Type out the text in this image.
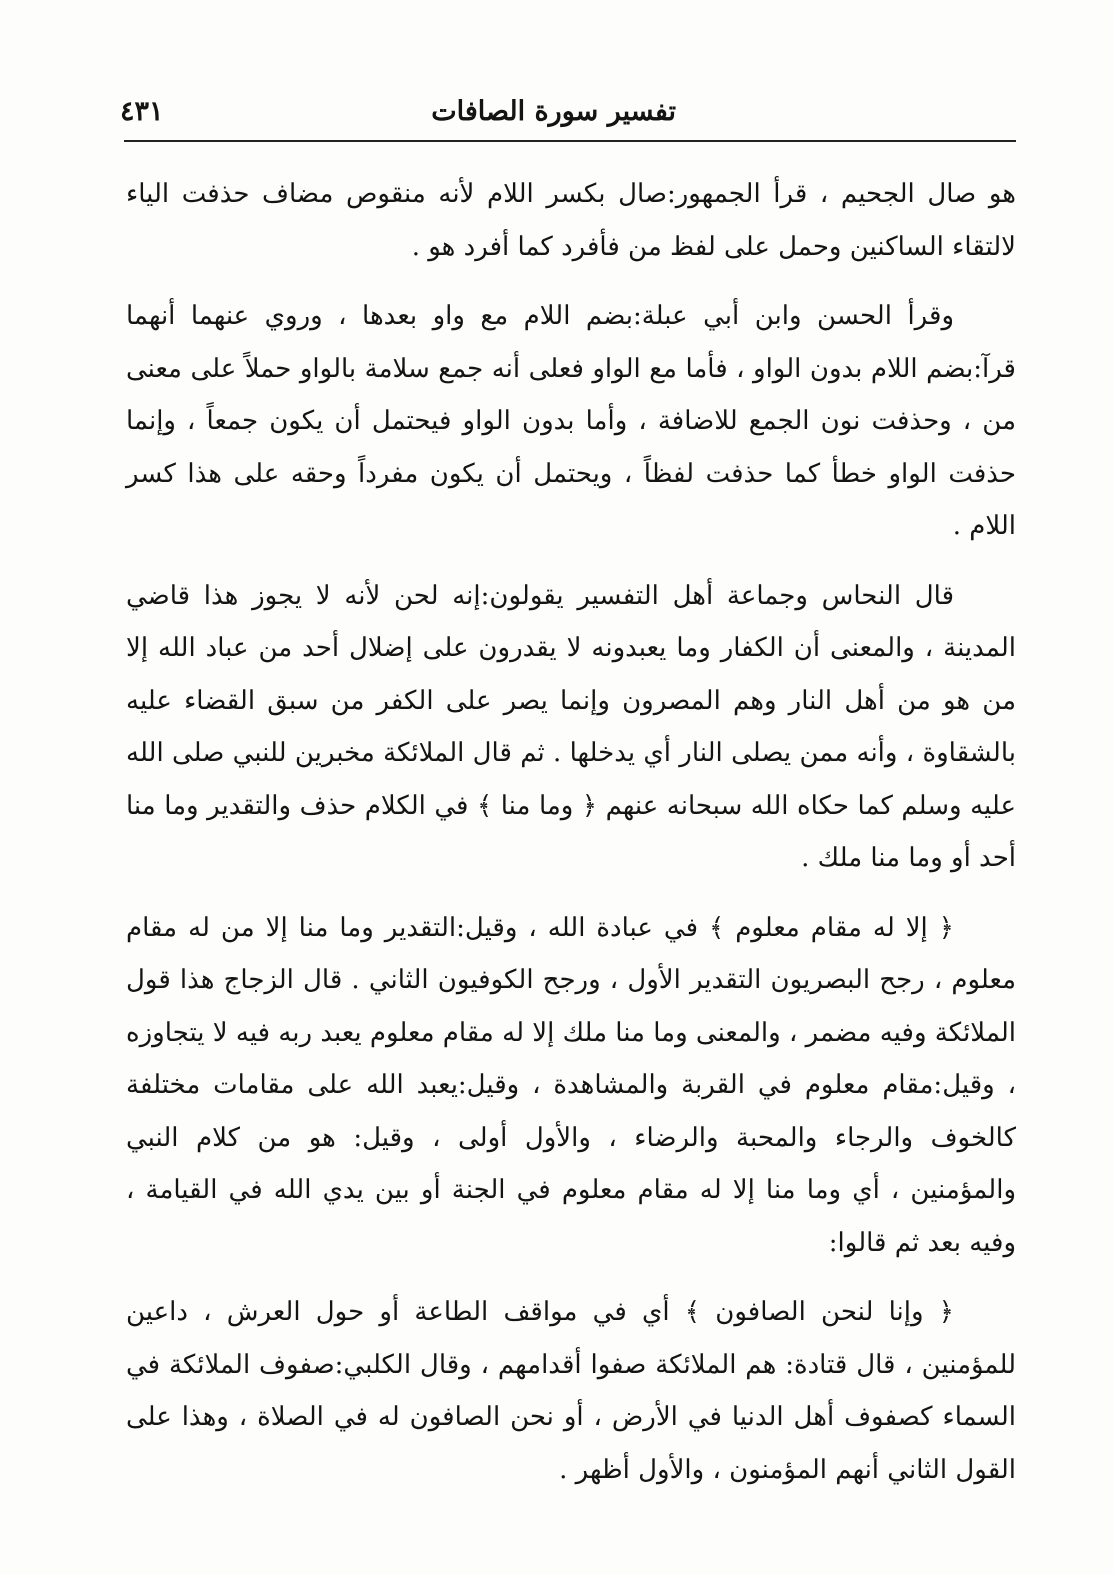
تفسير سورة الصافات
٤٣١

هو صال الجحيم ، قرأ الجمهور:صال بكسر اللام لأنه منقوص مضاف حذفت الياء لالتقاء الساكنين وحمل على لفظ من فأفرد كما أفرد هو .

وقرأ الحسن وابن أبي عبلة:بضم اللام مع واو بعدها ، وروي عنهما أنهما قرآ:بضم اللام بدون الواو ، فأما مع الواو فعلى أنه جمع سلامة بالواو حملاً على معنى من ، وحذفت نون الجمع للاضافة ، وأما بدون الواو فيحتمل أن يكون جمعاً ، وإنما حذفت الواو خطأ كما حذفت لفظاً ، ويحتمل أن يكون مفرداً وحقه على هذا كسر اللام .

قال النحاس وجماعة أهل التفسير يقولون:إنه لحن لأنه لا يجوز هذا قاضي المدينة ، والمعنى أن الكفار وما يعبدونه لا يقدرون على إضلال أحد من عباد الله إلا من هو من أهل النار وهم المصرون وإنما يصر على الكفر من سبق القضاء عليه بالشقاوة ، وأنه ممن يصلى النار أي يدخلها . ثم قال الملائكة مخبرين للنبي صلى الله عليه وسلم كما حكاه الله سبحانه عنهم ﴿ وما منا ﴾ في الكلام حذف والتقدير وما منا أحد أو وما منا ملك .

﴿ إلا له مقام معلوم ﴾ في عبادة الله ، وقيل:التقدير وما منا إلا من له مقام معلوم ، رجح البصريون التقدير الأول ، ورجح الكوفيون الثاني . قال الزجاج هذا قول الملائكة وفيه مضمر ، والمعنى وما منا ملك إلا له مقام معلوم يعبد ربه فيه لا يتجاوزه ، وقيل:مقام معلوم في القربة والمشاهدة ، وقيل:يعبد الله على مقامات مختلفة كالخوف والرجاء والمحبة والرضاء ، والأول أولى ، وقيل: هو من كلام النبي والمؤمنين ، أي وما منا إلا له مقام معلوم في الجنة أو بين يدي الله في القيامة ، وفيه بعد ثم قالوا:

﴿ وإنا لنحن الصافون ﴾ أي في مواقف الطاعة أو حول العرش ، داعين للمؤمنين ، قال قتادة: هم الملائكة صفوا أقدامهم ، وقال الكلبي:صفوف الملائكة في السماء كصفوف أهل الدنيا في الأرض ، أو نحن الصافون له في الصلاة ، وهذا على القول الثاني أنهم المؤمنون ، والأول أظهر .
